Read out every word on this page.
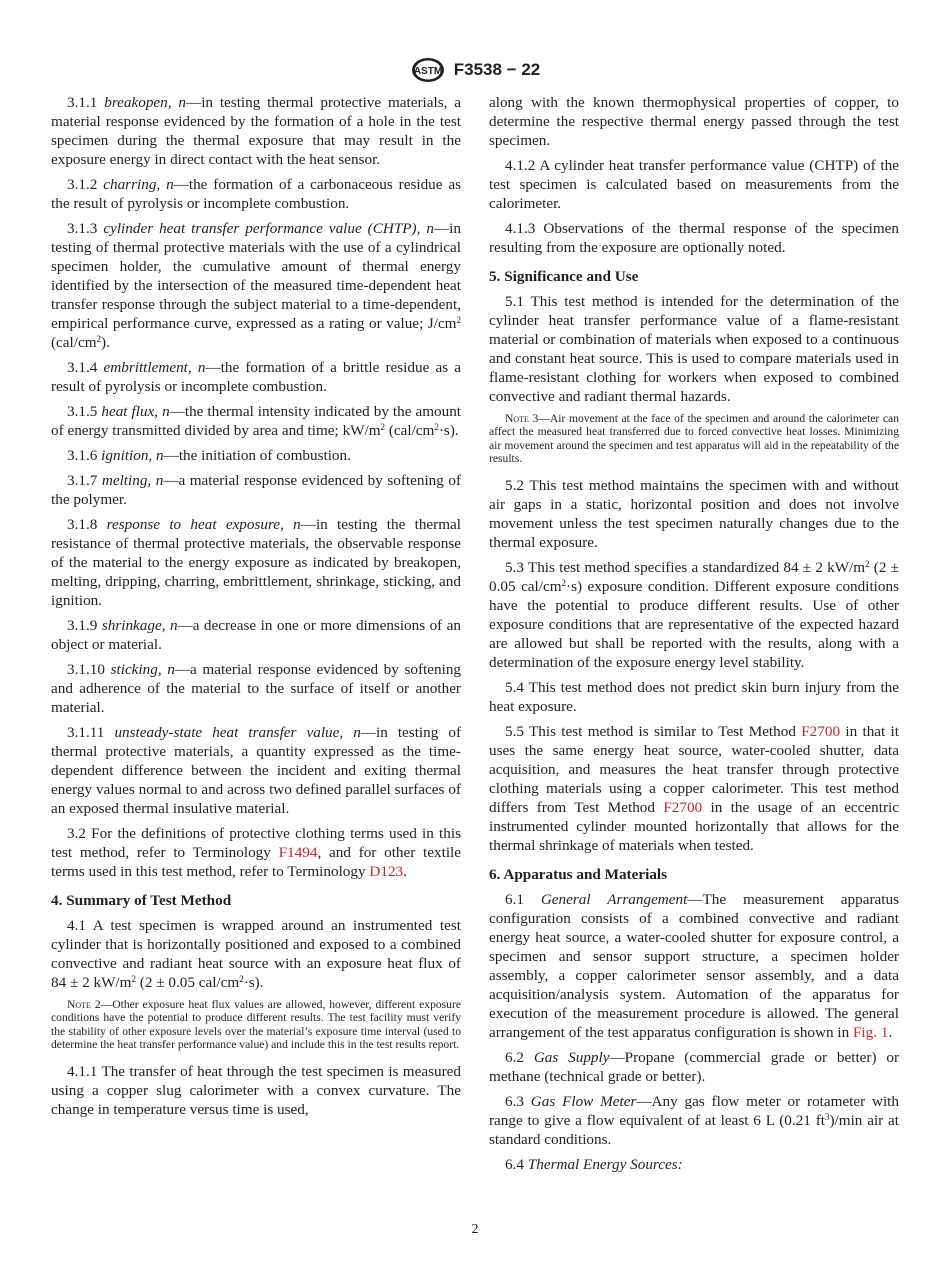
ASTM F3538 − 22

3.1.1 breakopen, n—in testing thermal protective materials, a material response evidenced by the formation of a hole in the test specimen during the thermal exposure that may result in the exposure energy in direct contact with the heat sensor.

3.1.2 charring, n—the formation of a carbonaceous residue as the result of pyrolysis or incomplete combustion.

3.1.3 cylinder heat transfer performance value (CHTP), n—in testing of thermal protective materials with the use of a cylindrical specimen holder, the cumulative amount of thermal energy identified by the intersection of the measured time-dependent heat transfer response through the subject material to a time-dependent, empirical performance curve, expressed as a rating or value; $J/cm^2$ $(cal/cm^2)$.

3.1.4 embrittlement, n—the formation of a brittle residue as a result of pyrolysis or incomplete combustion.

3.1.5 heat flux, n—the thermal intensity indicated by the amount of energy transmitted divided by area and time; $kW/m^2$ $(cal/cm^2\cdot s)$.

3.1.6 ignition, n—the initiation of combustion.

3.1.7 melting, n—a material response evidenced by softening of the polymer.

3.1.8 response to heat exposure, n—in testing the thermal resistance of thermal protective materials, the observable response of the material to the energy exposure as indicated by breakopen, melting, dripping, charring, embrittlement, shrinkage, sticking, and ignition.

3.1.9 shrinkage, n—a decrease in one or more dimensions of an object or material.

3.1.10 sticking, n—a material response evidenced by softening and adherence of the material to the surface of itself or another material.

3.1.11 unsteady-state heat transfer value, n—in testing of thermal protective materials, a quantity expressed as the time-dependent difference between the incident and exiting thermal energy values normal to and across two defined parallel surfaces of an exposed thermal insulative material.

3.2 For the definitions of protective clothing terms used in this test method, refer to Terminology F1494, and for other textile terms used in this test method, refer to Terminology D123.

4. Summary of Test Method

4.1 A test specimen is wrapped around an instrumented test cylinder that is horizontally positioned and exposed to a combined convective and radiant heat source with an exposure heat flux of 84 ± 2 $kW/m^2$ (2 ± 0.05 cal/$cm^2\cdot s$).

Note 2—Other exposure heat flux values are allowed, however, different exposure conditions have the potential to produce different results. The test facility must verify the stability of other exposure levels over the material’s exposure time interval (used to determine the heat transfer performance value) and include this in the test results report.

4.1.1 The transfer of heat through the test specimen is measured using a copper slug calorimeter with a convex curvature. The change in temperature versus time is used,

along with the known thermophysical properties of copper, to determine the respective thermal energy passed through the test specimen.

4.1.2 A cylinder heat transfer performance value (CHTP) of the test specimen is calculated based on measurements from the calorimeter.

4.1.3 Observations of the thermal response of the specimen resulting from the exposure are optionally noted.

5. Significance and Use

5.1 This test method is intended for the determination of the cylinder heat transfer performance value of a flame-resistant material or combination of materials when exposed to a continuous and constant heat source. This is used to compare materials used in flame-resistant clothing for workers when exposed to combined convective and radiant thermal hazards.

Note 3—Air movement at the face of the specimen and around the calorimeter can affect the measured heat transferred due to forced convective heat losses. Minimizing air movement around the specimen and test apparatus will aid in the repeatability of the results.

5.2 This test method maintains the specimen with and without air gaps in a static, horizontal position and does not involve movement unless the test specimen naturally changes due to the thermal exposure.

5.3 This test method specifies a standardized 84 ± 2 $kW/m^2$ (2 ± 0.05 cal/$cm^2\cdot s$) exposure condition. Different exposure conditions have the potential to produce different results. Use of other exposure conditions that are representative of the expected hazard are allowed but shall be reported with the results, along with a determination of the exposure energy level stability.

5.4 This test method does not predict skin burn injury from the heat exposure.

5.5 This test method is similar to Test Method F2700 in that it uses the same energy heat source, water-cooled shutter, data acquisition, and measures the heat transfer through protective clothing materials using a copper calorimeter. This test method differs from Test Method F2700 in the usage of an eccentric instrumented cylinder mounted horizontally that allows for the thermal shrinkage of materials when tested.

6. Apparatus and Materials

6.1 General Arrangement—The measurement apparatus configuration consists of a combined convective and radiant energy heat source, a water-cooled shutter for exposure control, a specimen and sensor support structure, a specimen holder assembly, a copper calorimeter sensor assembly, and a data acquisition/analysis system. Automation of the apparatus for execution of the measurement procedure is allowed. The general arrangement of the test apparatus configuration is shown in Fig. 1.

6.2 Gas Supply—Propane (commercial grade or better) or methane (technical grade or better).

6.3 Gas Flow Meter—Any gas flow meter or rotameter with range to give a flow equivalent of at least 6 L (0.21 $ft^3)/\min$ air at standard conditions.

6.4 Thermal Energy Sources:

2
